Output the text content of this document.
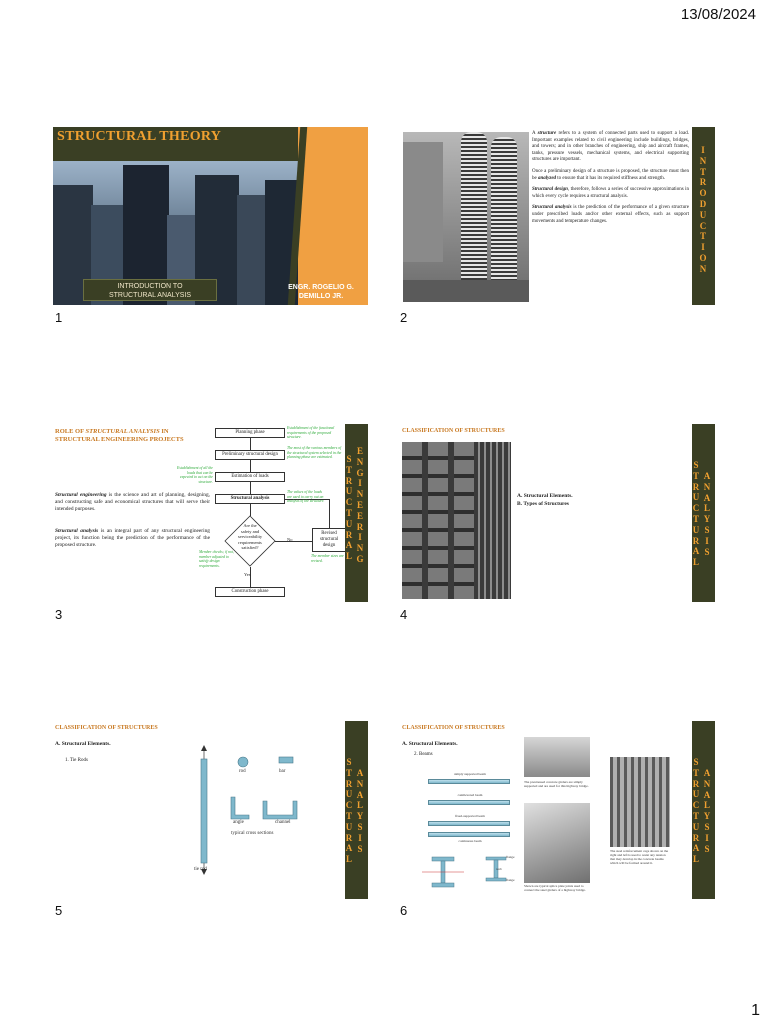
13/08/2024
STRUCTURAL THEORY
INTRODUCTION TO
STRUCTURAL ANALYSIS
ENGR. ROGELIO G.
DEMILLO JR.
1

A structure refers to a system of connected parts used to support a load. Important examples related to civil engineering include buildings, bridges, and towers; and in other branches of engineering, ship and aircraft frames, tanks, pressure vessels, mechanical systems, and electrical supporting structures are important.

Once a preliminary design of a structure is proposed, the structure must then be analyzed to ensure that it has its required stiffness and strength.

Structural design, therefore, follows a series of successive approximations in which every cycle requires a structural analysis.

Structural analysis is the prediction of the performance of a given structure under prescribed loads and/or other external effects, such as support movements and temperature changes.

I
N
T
R
O
D
U
C
T
I
O
N
2
ROLE OF STRUCTURAL ANALYSIS IN STRUCTURAL ENGINEERING PROJECTS
Structural engineering is the science and art of planning, designing, and constructing safe and economical structures that will serve their intended purposes.
Structural analysis is an integral part of any structural engineering project, its function being the prediction of the performance of the proposed structure.
Planning phase
Preliminary structural design
Estimation of loads
Structural analysis
Are the
safety and
serviceability
requirements
satisfied?
No
Revised
structural
design
Yes
Construction phase
Establishment of the functional requirements of the proposed structure.
The most of the various members of the structural system selected in the planning phase are estimated.
Establishment of all the loads that can be expected to act on the structure.
The values of the loads are used to carry out an analysis of the structure.
Member checks; if not, member adjusted to satisfy design requirements.
The member sizes are revised.
S
T
R
U
C
T
U
R
A
L
E
N
G
I
N
E
E
R
I
N
G
3
CLASSIFICATION OF STRUCTURES
A. Structural Elements.
B. Types of Structures
S
T
R
U
C
T
U
R
A
L
A
N
A
L
Y
S
I
S
4
CLASSIFICATION OF STRUCTURES
A. Structural Elements.
1. Tie Rods
rod	bar
angle	channel
typical cross sections
tie rod
S
T
R
U
C
T
U
R
A
L
A
N
A
L
Y
S
I
S
5
CLASSIFICATION OF STRUCTURES
A. Structural Elements.
2. Beams
simply supported beam
cantilevered beam
fixed-supported beam
continuous beam
flange
web
flange
The prestressed concrete girders are simply supported and are used for this highway bridge.
Shown are typical splice plate joints used to connect the steel girders of a highway bridge.
The steel reinforcement cage shown on the right and left is used to resist any tension that may develop in the concrete beams which will be formed around it.
S
T
R
U
C
T
U
R
A
L
A
N
A
L
Y
S
I
S
6
1
